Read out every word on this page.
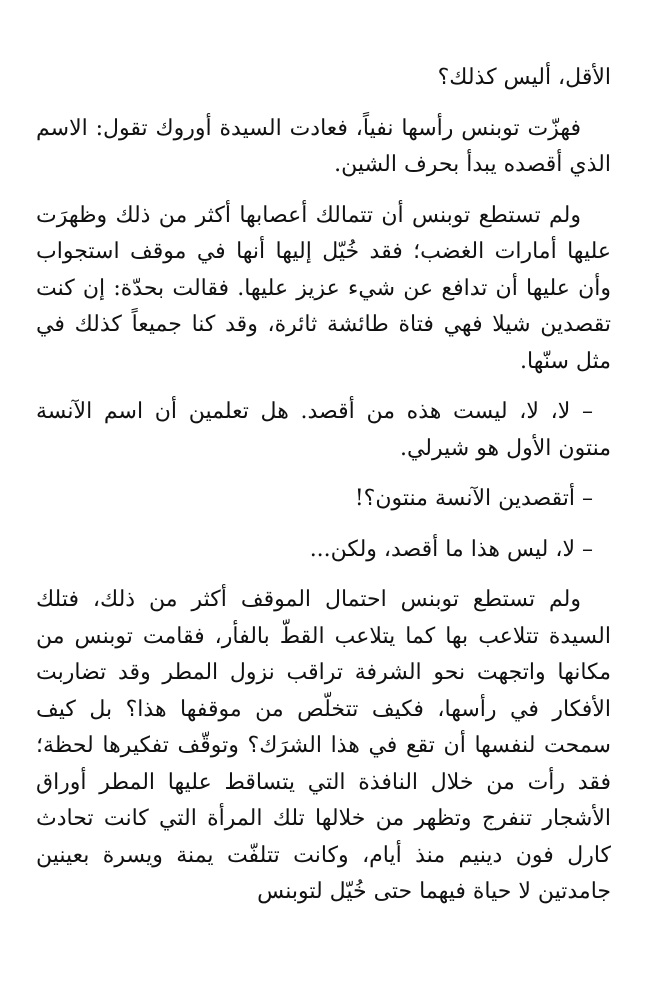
الأقل، أليس كذلك؟

فهزّت توبنس رأسها نفياً، فعادت السيدة أوروك تقول: الاسم الذي أقصده يبدأ بحرف الشين.

ولم تستطع توبنس أن تتمالك أعصابها أكثر من ذلك وظهرَت عليها أمارات الغضب؛ فقد خُيّل إليها أنها في موقف استجواب وأن عليها أن تدافع عن شيء عزيز عليها. فقالت بحدّة: إن كنت تقصدين شيلا فهي فتاة طائشة ثائرة، وقد كنا جميعاً كذلك في مثل سنّها.

– لا، لا، ليست هذه من أقصد. هل تعلمين أن اسم الآنسة منتون الأول هو شيرلي.

– أتقصدين الآنسة منتون؟!

– لا، ليس هذا ما أقصد، ولكن...

ولم تستطع توبنس احتمال الموقف أكثر من ذلك، فتلك السيدة تتلاعب بها كما يتلاعب القطّ بالفأر، فقامت توبنس من مكانها واتجهت نحو الشرفة تراقب نزول المطر وقد تضاربت الأفكار في رأسها، فكيف تتخلّص من موقفها هذا؟ بل كيف سمحت لنفسها أن تقع في هذا الشرَك؟ وتوقّف تفكيرها لحظة؛ فقد رأت من خلال النافذة التي يتساقط عليها المطر أوراق الأشجار تنفرج وتظهر من خلالها تلك المرأة التي كانت تحادث كارل فون دينيم منذ أيام، وكانت تتلفّت يمنة ويسرة بعينين جامدتين لا حياة فيهما حتى خُيّل لتوبنس
